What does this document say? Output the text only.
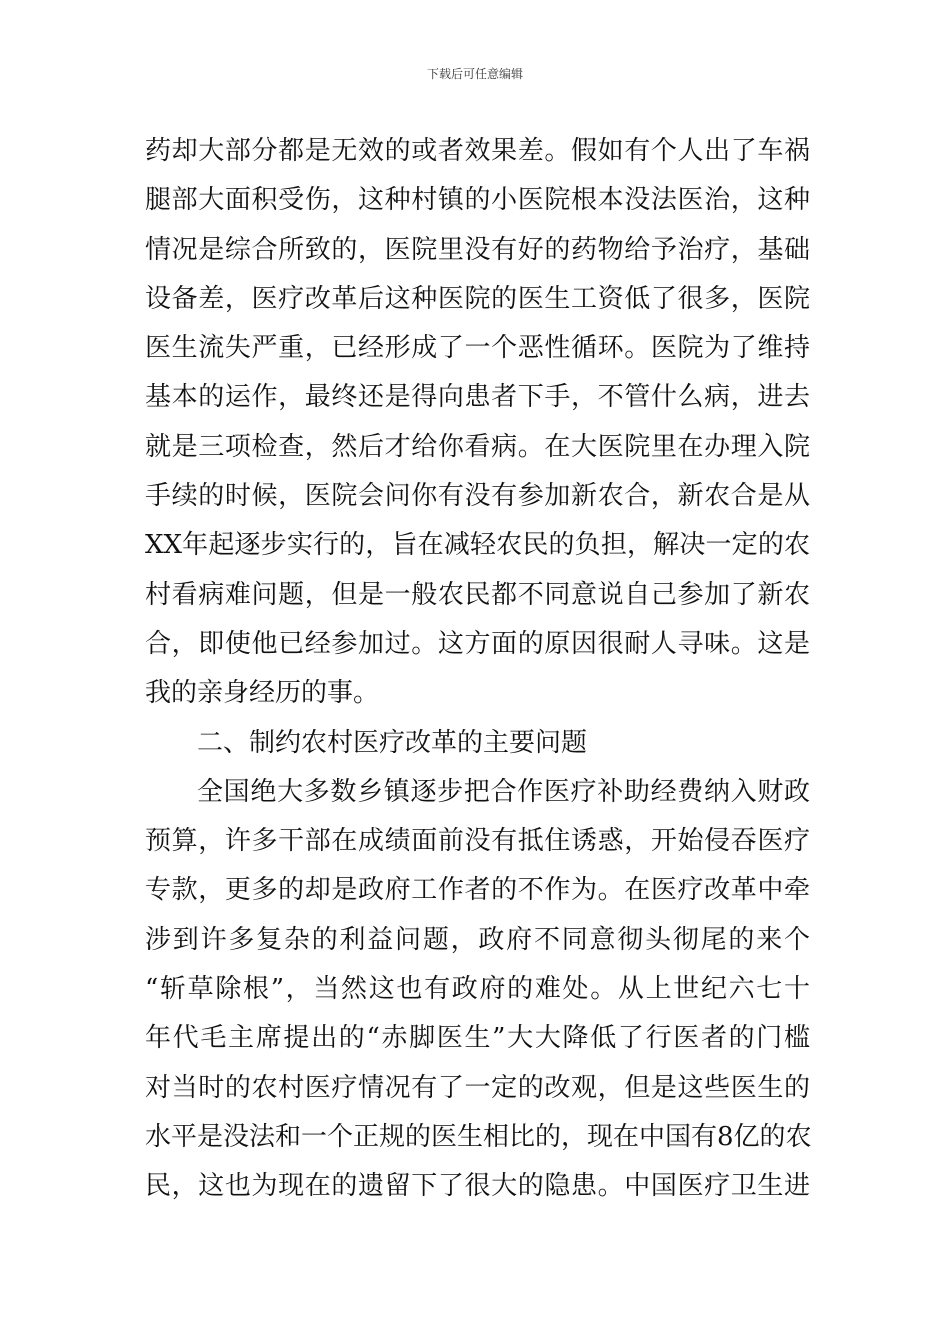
下载后可任意编辑
药却大部分都是无效的或者效果差。假如有个人出了车祸
腿部大面积受伤，这种村镇的小医院根本没法医治，这种
情况是综合所致的，医院里没有好的药物给予治疗，基础
设备差，医疗改革后这种医院的医生工资低了很多，医院
医生流失严重，已经形成了一个恶性循环。医院为了维持
基本的运作，最终还是得向患者下手，不管什么病，进去
就是三项检查，然后才给你看病。在大医院里在办理入院
手续的时候，医院会问你有没有参加新农合，新农合是从
XX年起逐步实行的，旨在减轻农民的负担，解决一定的农
村看病难问题，但是一般农民都不同意说自己参加了新农
合，即使他已经参加过。这方面的原因很耐人寻味。这是
我的亲身经历的事。
二、制约农村医疗改革的主要问题
全国绝大多数乡镇逐步把合作医疗补助经费纳入财政
预算，许多干部在成绩面前没有抵住诱惑，开始侵吞医疗
专款，更多的却是政府工作者的不作为。在医疗改革中牵
涉到许多复杂的利益问题，政府不同意彻头彻尾的来个
“斩草除根”，当然这也有政府的难处。从上世纪六七十
年代毛主席提出的“赤脚医生”大大降低了行医者的门槛
对当时的农村医疗情况有了一定的改观，但是这些医生的
水平是没法和一个正规的医生相比的，现在中国有8亿的农
民，这也为现在的遗留下了很大的隐患。中国医疗卫生进
